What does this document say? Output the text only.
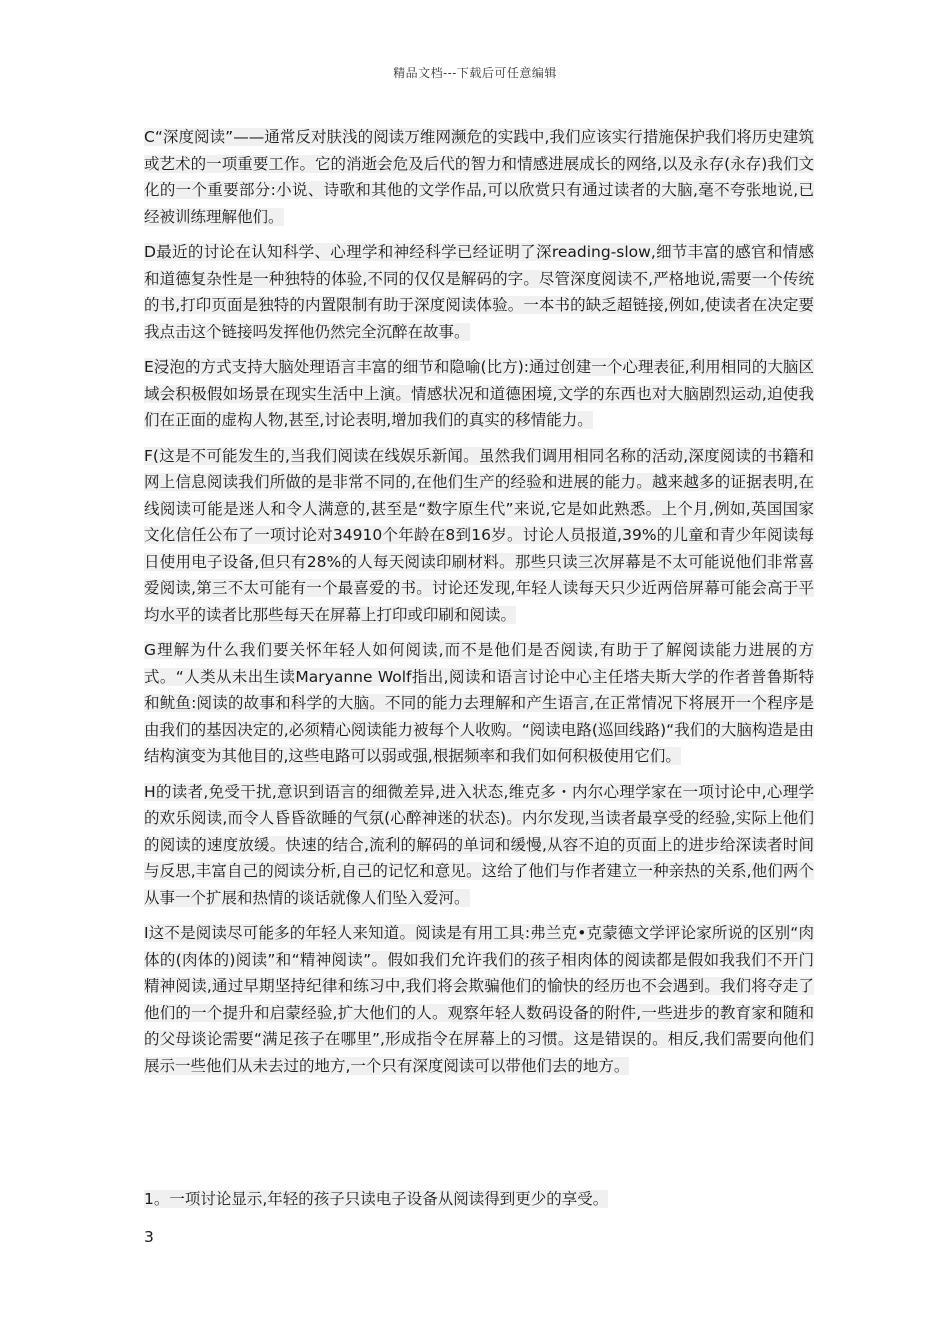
精品文档---下载后可任意编辑

C“深度阅读”——通常反对肤浅的阅读万维网濒危的实践中,我们应该实行措施保护我们将历史建筑或艺术的一项重要工作。它的消逝会危及后代的智力和情感进展成长的网络,以及永存(永存)我们文化的一个重要部分:小说、诗歌和其他的文学作品,可以欣赏只有通过读者的大脑,毫不夸张地说,已经被训练理解他们。

D最近的讨论在认知科学、心理学和神经科学已经证明了深reading-slow,细节丰富的感官和情感和道德复杂性是一种独特的体验,不同的仅仅是解码的字。尽管深度阅读不,严格地说,需要一个传统的书,打印页面是独特的内置限制有助于深度阅读体验。一本书的缺乏超链接,例如,使读者在决定要我点击这个链接吗发挥他仍然完全沉醉在故事。

E浸泡的方式支持大脑处理语言丰富的细节和隐喻(比方):通过创建一个心理表征,利用相同的大脑区域会积极假如场景在现实生活中上演。情感状况和道德困境,文学的东西也对大脑剧烈运动,迫使我们在正面的虚构人物,甚至,讨论表明,增加我们的真实的移情能力。

F(这是不可能发生的,当我们阅读在线娱乐新闻。虽然我们调用相同名称的活动,深度阅读的书籍和网上信息阅读我们所做的是非常不同的,在他们生产的经验和进展的能力。越来越多的证据表明,在线阅读可能是迷人和令人满意的,甚至是“数字原生代”来说,它是如此熟悉。上个月,例如,英国国家文化信任公布了一项讨论对34910个年龄在8到16岁。讨论人员报道,39%的儿童和青少年阅读每日使用电子设备,但只有28%的人每天阅读印刷材料。那些只读三次屏幕是不太可能说他们非常喜爱阅读,第三不太可能有一个最喜爱的书。讨论还发现,年轻人读每天只少近两倍屏幕可能会高于平均水平的读者比那些每天在屏幕上打印或印刷和阅读。

G理解为什么我们要关怀年轻人如何阅读,而不是他们是否阅读,有助于了解阅读能力进展的方式。“人类从未出生读Maryanne Wolf指出,阅读和语言讨论中心主任塔夫斯大学的作者普鲁斯特和鱿鱼:阅读的故事和科学的大脑。不同的能力去理解和产生语言,在正常情况下将展开一个程序是由我们的基因决定的,必须精心阅读能力被每个人收购。“阅读电路(巡回线路)“我们的大脑构造是由结构演变为其他目的,这些电路可以弱或强,根据频率和我们如何积极使用它们。

H的读者,免受干扰,意识到语言的细微差异,进入状态,维克多・内尔心理学家在一项讨论中,心理学的欢乐阅读,而令人昏昏欲睡的气氛(心醉神迷的状态)。内尔发现,当读者最享受的经验,实际上他们的阅读的速度放缓。快速的结合,流利的解码的单词和缓慢,从容不迫的页面上的进步给深读者时间与反思,丰富自己的阅读分析,自己的记忆和意见。这给了他们与作者建立一种亲热的关系,他们两个从事一个扩展和热情的谈话就像人们坠入爱河。

I这不是阅读尽可能多的年轻人来知道。阅读是有用工具:弗兰克•克蒙德文学评论家所说的区别“肉体的(肉体的)阅读”和“精神阅读”。假如我们允许我们的孩子相肉体的阅读都是假如我我们不开门精神阅读,通过早期坚持纪律和练习中,我们将会欺骗他们的愉快的经历也不会遇到。我们将夺走了他们的一个提升和启蒙经验,扩大他们的人。观察年轻人数码设备的附件,一些进步的教育家和随和的父母谈论需要“满足孩子在哪里”,形成指令在屏幕上的习惯。这是错误的。相反,我们需要向他们展示一些他们从未去过的地方,一个只有深度阅读可以带他们去的地方。

1。一项讨论显示,年轻的孩子只读电子设备从阅读得到更少的享受。
3
